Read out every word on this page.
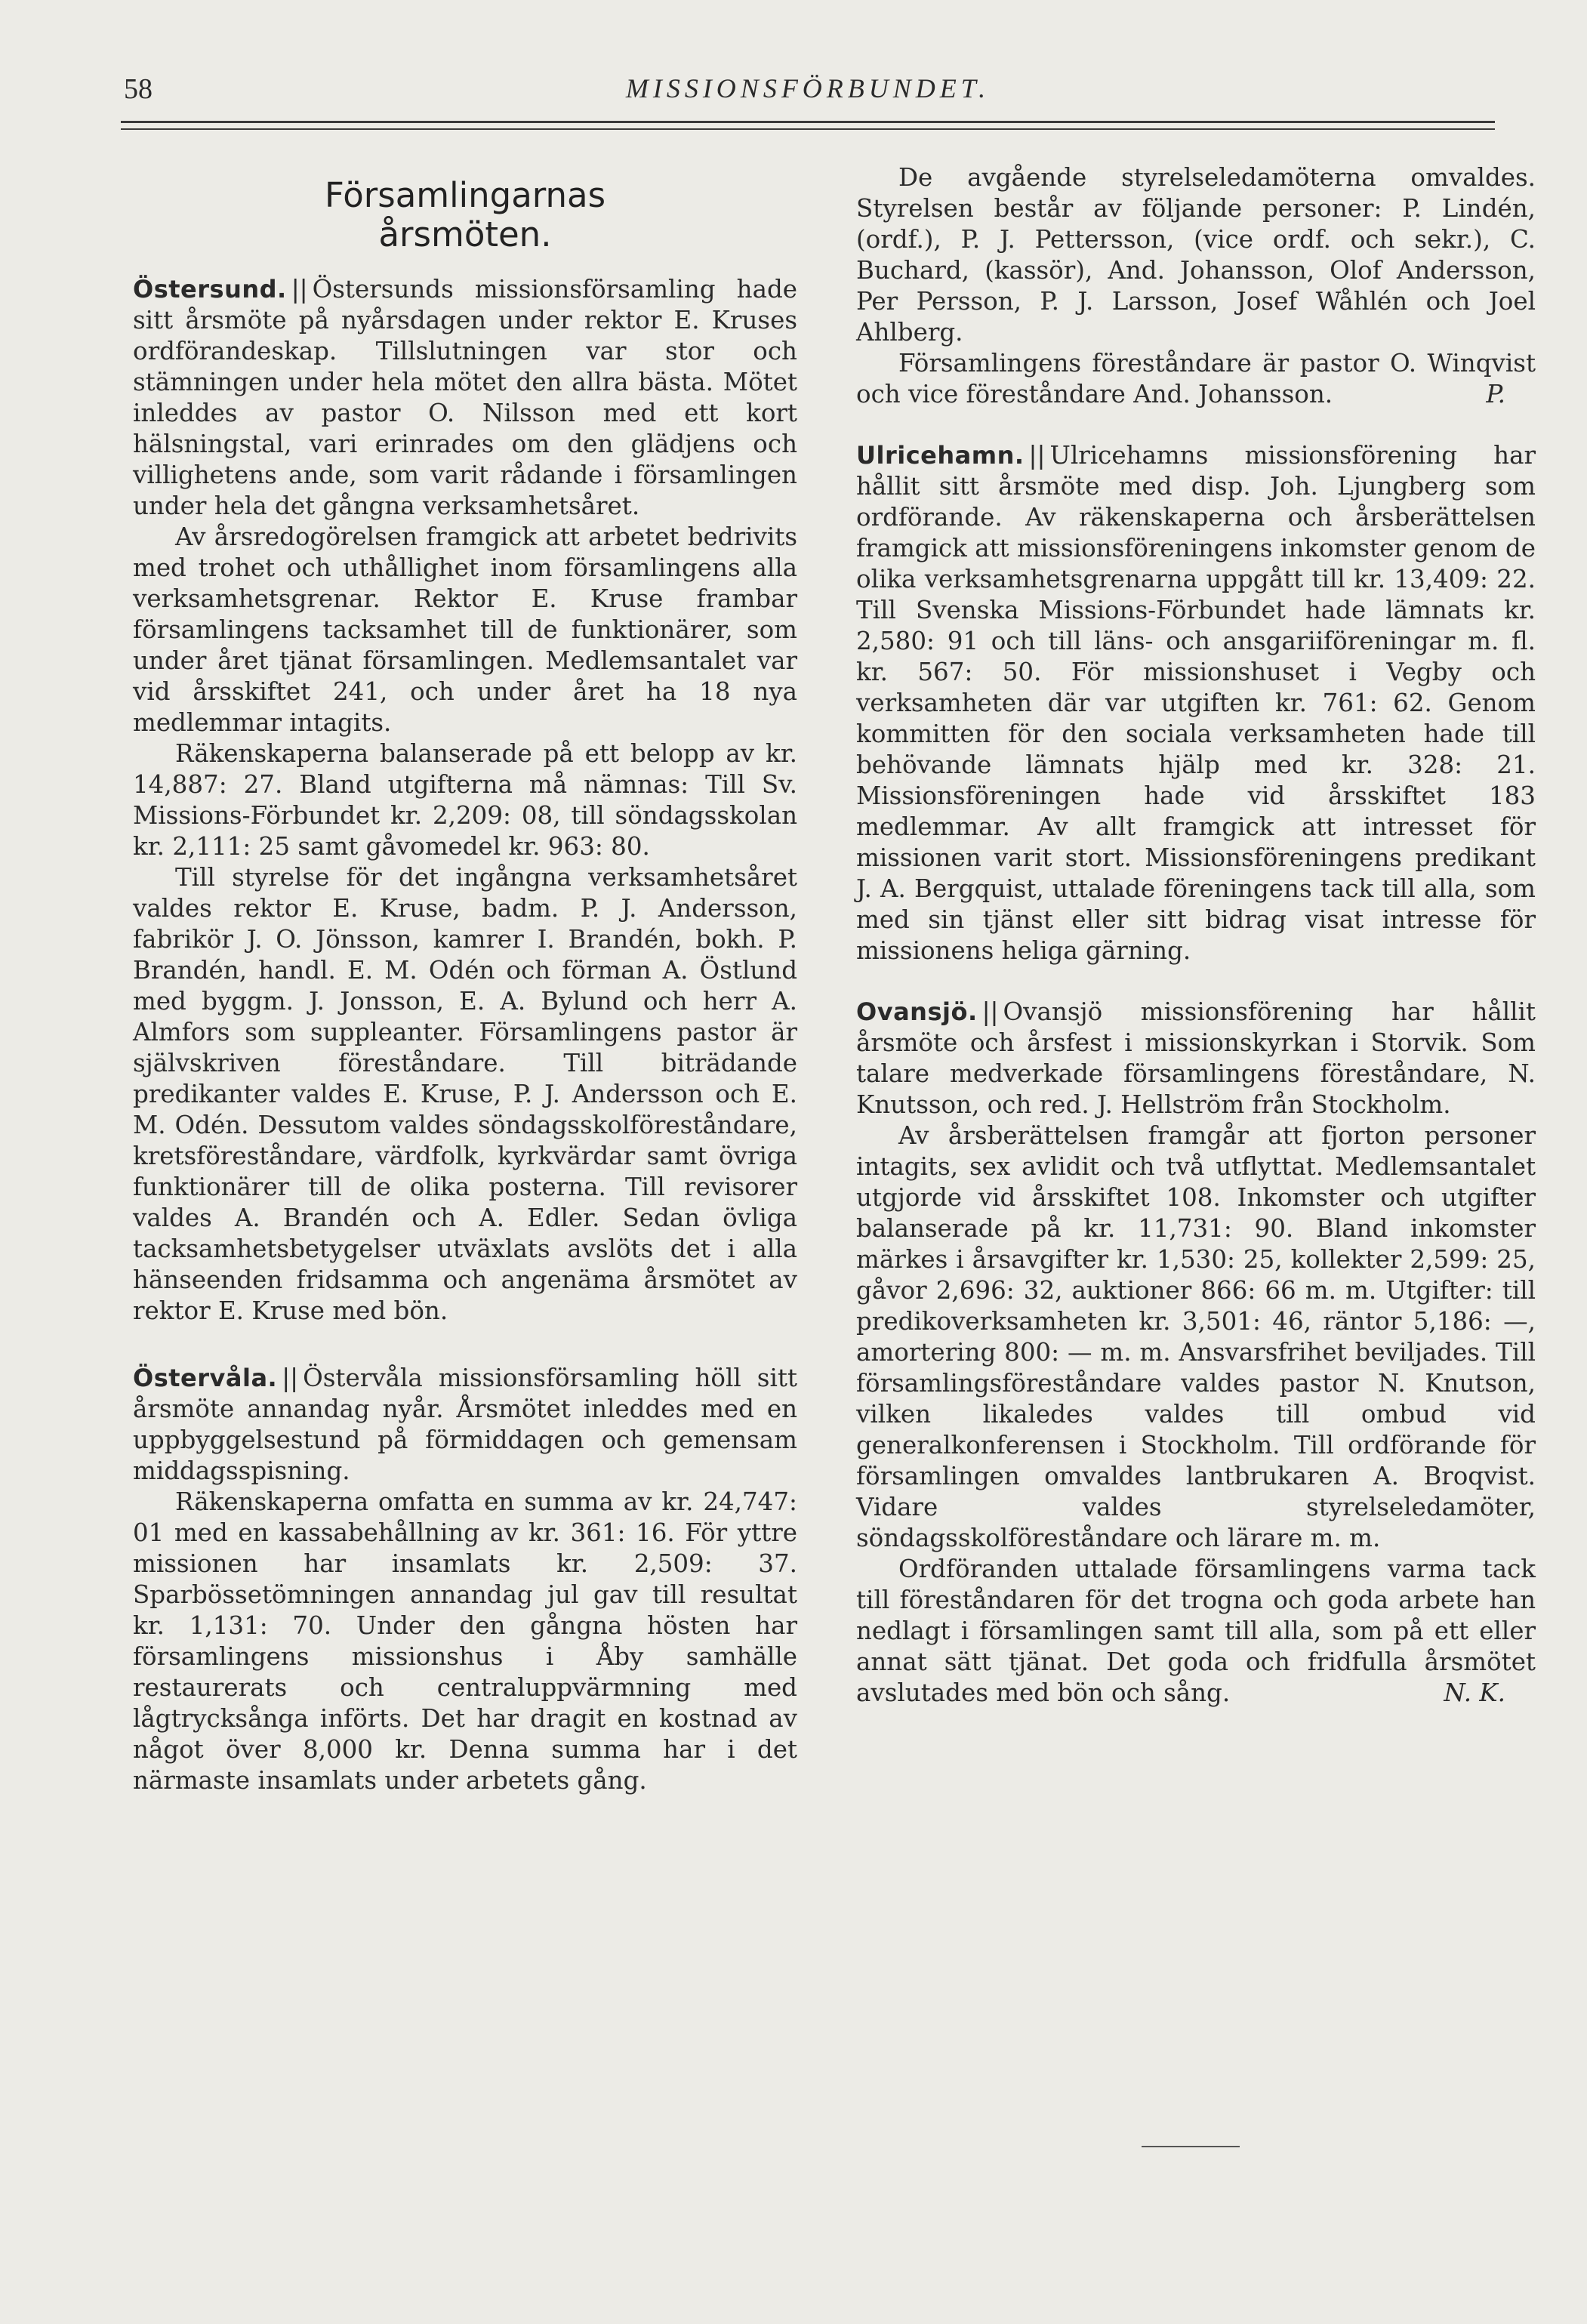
58	MISSIONSFÖRBUNDET.
Församlingarnas
årsmöten.

Östersund. || Östersunds missionsförsamling hade sitt årsmöte på nyårsdagen under rektor E. Kruses ordförandeskap. Tillslutningen var stor och stämningen under hela mötet den allra bästa. Mötet inleddes av pastor O. Nilsson med ett kort hälsningstal, vari erinrades om den glädjens och villighetens ande, som varit rådande i församlingen under hela det gångna verksamhetsåret.

Av årsredogörelsen framgick att arbetet bedrivits med trohet och uthållighet inom församlingens alla verksamhetsgrenar. Rektor E. Kruse frambar församlingens tacksamhet till de funktionärer, som under året tjänat församlingen. Medlemsantalet var vid årsskiftet 241, och under året ha 18 nya medlemmar intagits.

Räkenskaperna balanserade på ett belopp av kr. 14,887: 27. Bland utgifterna må nämnas: Till Sv. Missions-Förbundet kr. 2,209: 08, till söndagsskolan kr. 2,111: 25 samt gåvomedel kr. 963: 80.

Till styrelse för det ingångna verksamhetsåret valdes rektor E. Kruse, badm. P. J. Andersson, fabrikör J. O. Jönsson, kamrer I. Brandén, bokh. P. Brandén, handl. E. M. Odén och förman A. Östlund med byggm. J. Jonsson, E. A. Bylund och herr A. Almfors som suppleanter. Församlingens pastor är självskriven föreståndare. Till biträdande predikanter valdes E. Kruse, P. J. Andersson och E. M. Odén. Dessutom valdes söndagsskolföreståndare, kretsföreståndare, värdfolk, kyrkvärdar samt övriga funktionärer till de olika posterna. Till revisorer valdes A. Brandén och A. Edler. Sedan övliga tacksamhetsbetygelser utväxlats avslöts det i alla hänseenden fridsamma och angenäma årsmötet av rektor E. Kruse med bön.

Östervåla. || Östervåla missionsförsamling höll sitt årsmöte annandag nyår. Årsmötet inleddes med en uppbyggelsestund på förmiddagen och gemensam middagsspisning.

Räkenskaperna omfatta en summa av kr. 24,747: 01 med en kassabehållning av kr. 361: 16. För yttre missionen har insamlats kr. 2,509: 37. Sparbössetömningen annandag jul gav till resultat kr. 1,131: 70. Under den gångna hösten har församlingens missionshus i Åby samhälle restaurerats och centraluppvärmning med lågtrycksånga införts. Det har dragit en kostnad av något över 8,000 kr. Denna summa har i det närmaste insamlats under arbetets gång.

De avgående styrelseledamöterna omvaldes. Styrelsen består av följande personer: P. Lindén, (ordf.), P. J. Pettersson, (vice ordf. och sekr.), C. Buchard, (kassör), And. Johansson, Olof Andersson, Per Persson, P. J. Larsson, Josef Wåhlén och Joel Ahlberg.

Församlingens föreståndare är pastor O. Winqvist och vice föreståndare And. Johansson.	P.

Ulricehamn. || Ulricehamns missionsförening har hållit sitt årsmöte med disp. Joh. Ljungberg som ordförande. Av räkenskaperna och årsberättelsen framgick att missionsföreningens inkomster genom de olika verksamhetsgrenarna uppgått till kr. 13,409: 22. Till Svenska Missions-Förbundet hade lämnats kr. 2,580: 91 och till läns- och ansgariiföreningar m. fl. kr. 567: 50. För missionshuset i Vegby och verksamheten där var utgiften kr. 761: 62. Genom kommitten för den sociala verksamheten hade till behövande lämnats hjälp med kr. 328: 21. Missionsföreningen hade vid årsskiftet 183 medlemmar. Av allt framgick att intresset för missionen varit stort. Missionsföreningens predikant J. A. Bergquist, uttalade föreningens tack till alla, som med sin tjänst eller sitt bidrag visat intresse för missionens heliga gärning.

Ovansjö. || Ovansjö missionsförening har hållit årsmöte och årsfest i missionskyrkan i Storvik. Som talare medverkade församlingens föreståndare, N. Knutsson, och red. J. Hellström från Stockholm.

Av årsberättelsen framgår att fjorton personer intagits, sex avlidit och två utflyttat. Medlemsantalet utgjorde vid årsskiftet 108. Inkomster och utgifter balanserade på kr. 11,731: 90. Bland inkomster märkes i årsavgifter kr. 1,530: 25, kollekter 2,599: 25, gåvor 2,696: 32, auktioner 866: 66 m. m. Utgifter: till predikoverksamheten kr. 3,501: 46, räntor 5,186: —, amortering 800: — m. m. Ansvarsfrihet beviljades. Till församlingsföreståndare valdes pastor N. Knutson, vilken likaledes valdes till ombud vid generalkonferensen i Stockholm. Till ordförande för församlingen omvaldes lantbrukaren A. Broqvist. Vidare valdes styrelseledamöter, söndagsskolföreståndare och lärare m. m.

Ordföranden uttalade församlingens varma tack till föreståndaren för det trogna och goda arbete han nedlagt i församlingen samt till alla, som på ett eller annat sätt tjänat. Det goda och fridfulla årsmötet avslutades med bön och sång.	N. K.
